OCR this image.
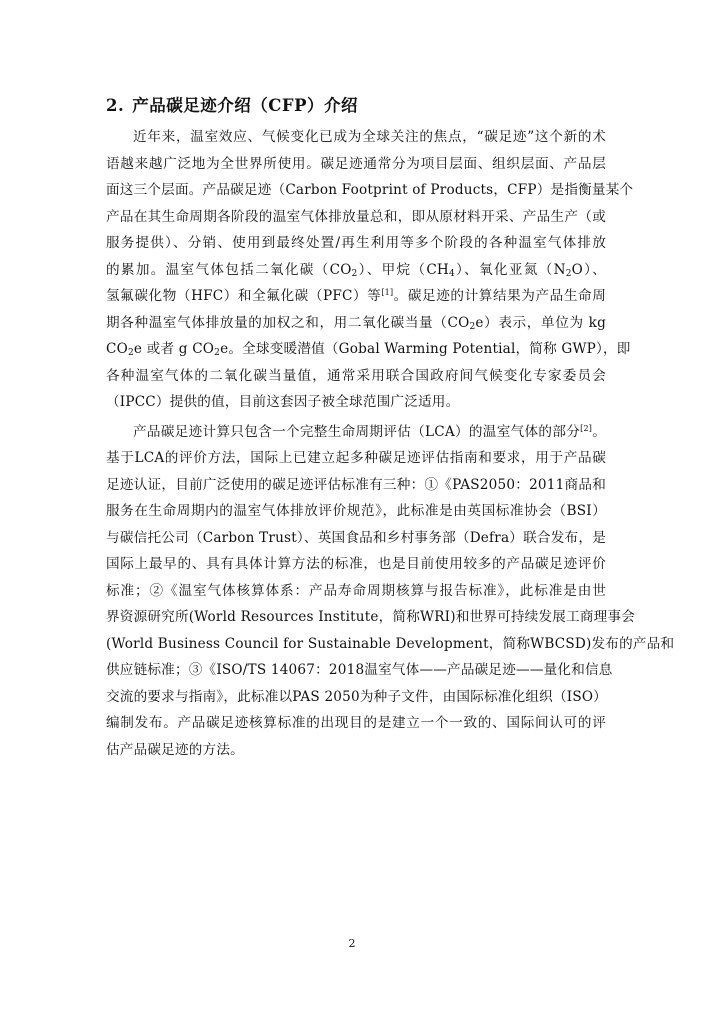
2. 产品碳足迹介绍（CFP）介绍
近年来，温室效应、气候变化已成为全球关注的焦点，“碳足迹”这个新的术
语越来越广泛地为全世界所使用。碳足迹通常分为项目层面、组织层面、产品层
面这三个层面。产品碳足迹（Carbon Footprint of Products，CFP）是指衡量某个
产品在其生命周期各阶段的温室气体排放量总和，即从原材料开采、产品生产（或
服务提供）、分销、使用到最终处置/再生利用等多个阶段的各种温室气体排放
的累加。温室气体包括二氧化碳$(CO_2)$、甲烷$(CH_4)$、氧化亚氮$(N_2O)$、
氢氟碳化物（HFC）和全氟化碳（PFC）等[1]。碳足迹的计算结果为产品生命周
期各种温室气体排放量的加权之和，用二氧化碳当量$(CO_2e)$表示，单位为 kg
$CO_2e$ 或者 g $CO_2e$。全球变暖潜值（Gobal Warming Potential，简称 GWP），即
各种温室气体的二氧化碳当量值，通常采用联合国政府间气候变化专家委员会
（IPCC）提供的值，目前这套因子被全球范围广泛适用。
产品碳足迹计算只包含一个完整生命周期评估（LCA）的温室气体的部分[2]。
基于LCA的评价方法，国际上已建立起多种碳足迹评估指南和要求，用于产品碳
足迹认证，目前广泛使用的碳足迹评估标准有三种：①《PAS2050：2011商品和
服务在生命周期内的温室气体排放评价规范》，此标准是由英国标准协会（BSI）
与碳信托公司（Carbon Trust）、英国食品和乡村事务部（Defra）联合发布，是
国际上最早的、具有具体计算方法的标准，也是目前使用较多的产品碳足迹评价
标准；②《温室气体核算体系：产品寿命周期核算与报告标准》，此标准是由世
界资源研究所(World Resources Institute，简称WRI)和世界可持续发展工商理事会
(World Business Council for Sustainable Development，简称WBCSD)发布的产品和
供应链标准；③《ISO/TS 14067：2018温室气体——产品碳足迹——量化和信息
交流的要求与指南》，此标准以PAS 2050为种子文件，由国际标准化组织（ISO）
编制发布。产品碳足迹核算标准的出现目的是建立一个一致的、国际间认可的评
估产品碳足迹的方法。
2
